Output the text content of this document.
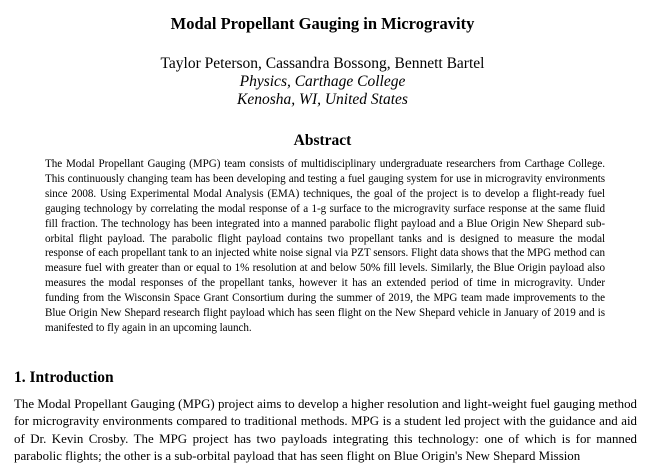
Modal Propellant Gauging in Microgravity

Taylor Peterson, Cassandra Bossong, Bennett Bartel

Physics, Carthage College

Kenosha, WI, United States

Abstract

The Modal Propellant Gauging (MPG) team consists of multidisciplinary undergraduate researchers from Carthage College. This continuously changing team has been developing and testing a fuel gauging system for use in microgravity environments since 2008. Using Experimental Modal Analysis (EMA) techniques, the goal of the project is to develop a flight-ready fuel gauging technology by correlating the modal response of a 1-g surface to the microgravity surface response at the same fluid fill fraction. The technology has been integrated into a manned parabolic flight payload and a Blue Origin New Shepard sub-orbital flight payload. The parabolic flight payload contains two propellant tanks and is designed to measure the modal response of each propellant tank to an injected white noise signal via PZT sensors. Flight data shows that the MPG method can measure fuel with greater than or equal to 1% resolution at and below 50% fill levels. Similarly, the Blue Origin payload also measures the modal responses of the propellant tanks, however it has an extended period of time in microgravity. Under funding from the Wisconsin Space Grant Consortium during the summer of 2019, the MPG team made improvements to the Blue Origin New Shepard research flight payload which has seen flight on the New Shepard vehicle in January of 2019 and is manifested to fly again in an upcoming launch.

1. Introduction

The Modal Propellant Gauging (MPG) project aims to develop a higher resolution and light-weight fuel gauging method for microgravity environments compared to traditional methods. MPG is a student led project with the guidance and aid of Dr. Kevin Crosby. The MPG project has two payloads integrating this technology: one of which is for manned parabolic flights; the other is a sub-orbital payload that has seen flight on Blue Origin's New Shepard Mission
